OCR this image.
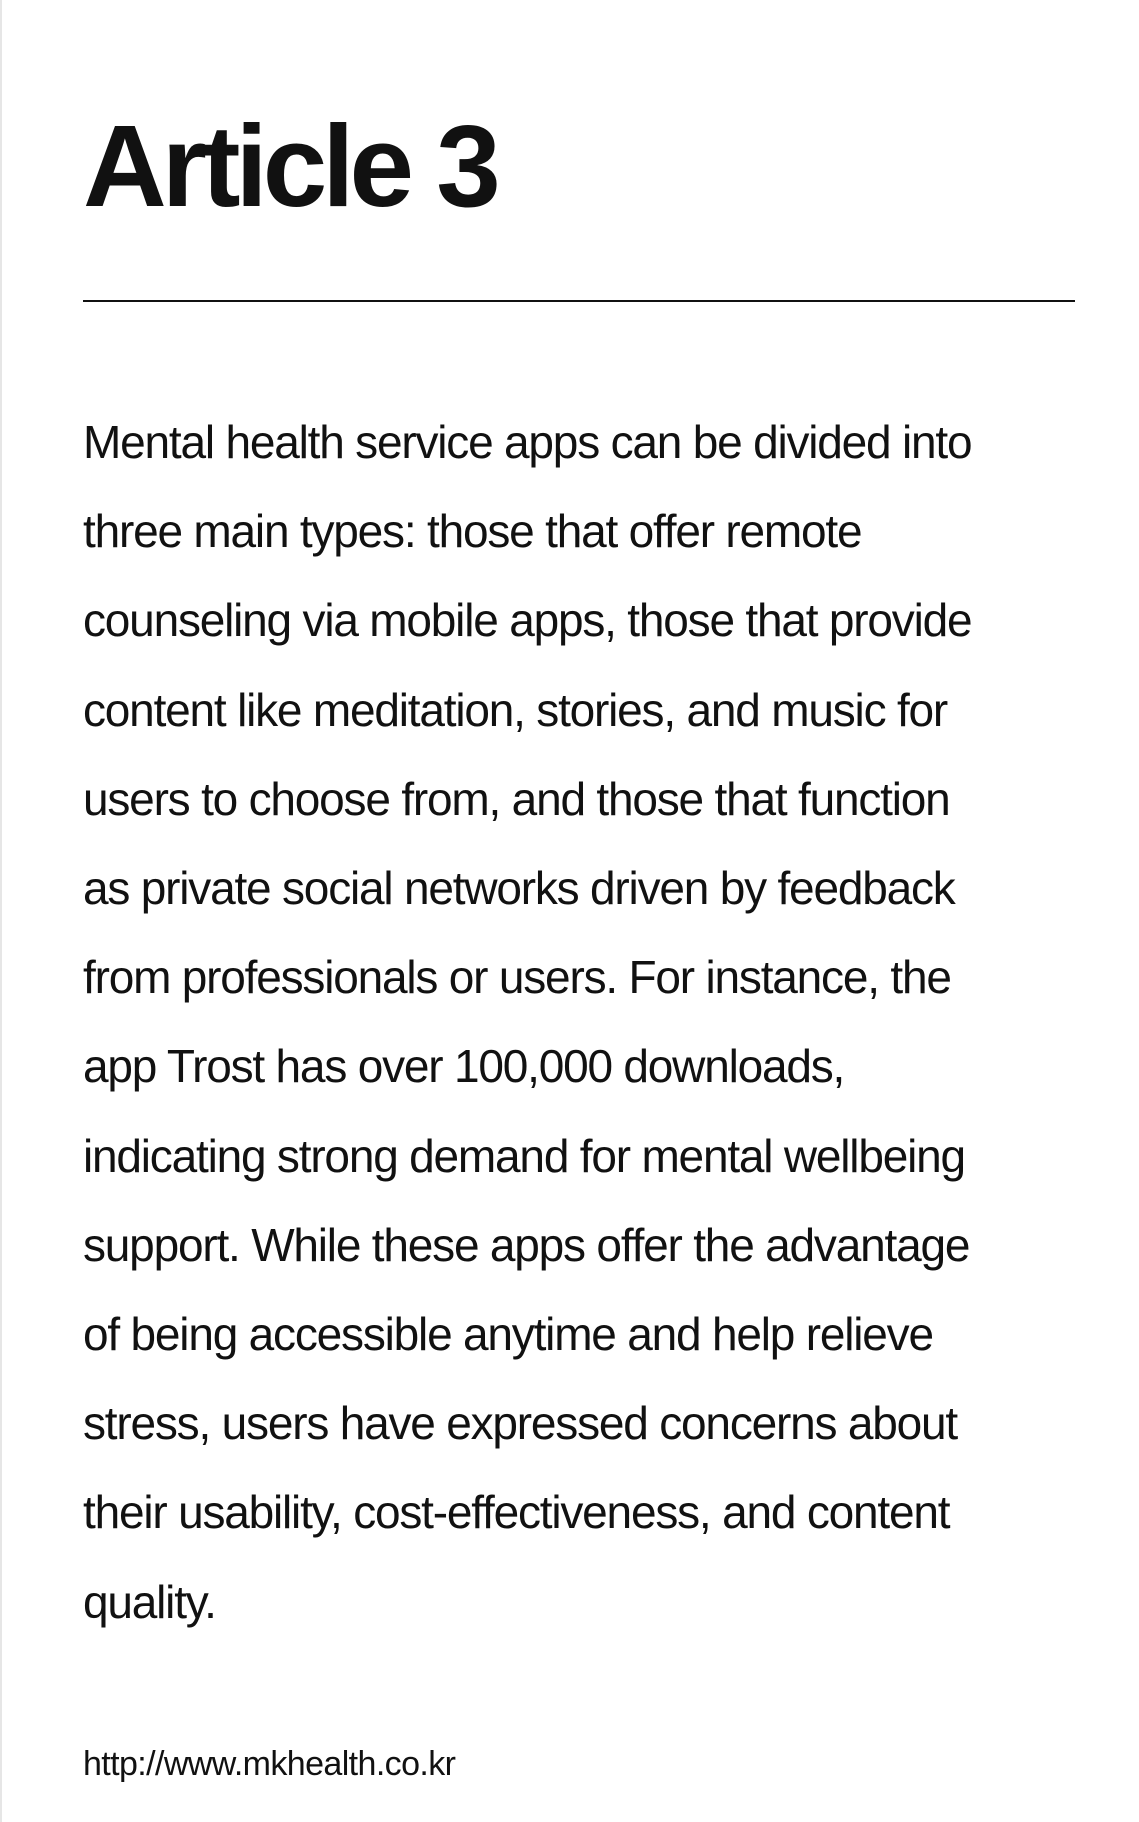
Article 3

Mental health service apps can be divided into
three main types: those that offer remote
counseling via mobile apps, those that provide
content like meditation, stories, and music for
users to choose from, and those that function
as private social networks driven by feedback
from professionals or users. For instance, the
app Trost has over 100,000 downloads,
indicating strong demand for mental wellbeing
support. While these apps offer the advantage
of being accessible anytime and help relieve
stress, users have expressed concerns about
their usability, cost-effectiveness, and content
quality.

http://www.mkhealth.co.kr
